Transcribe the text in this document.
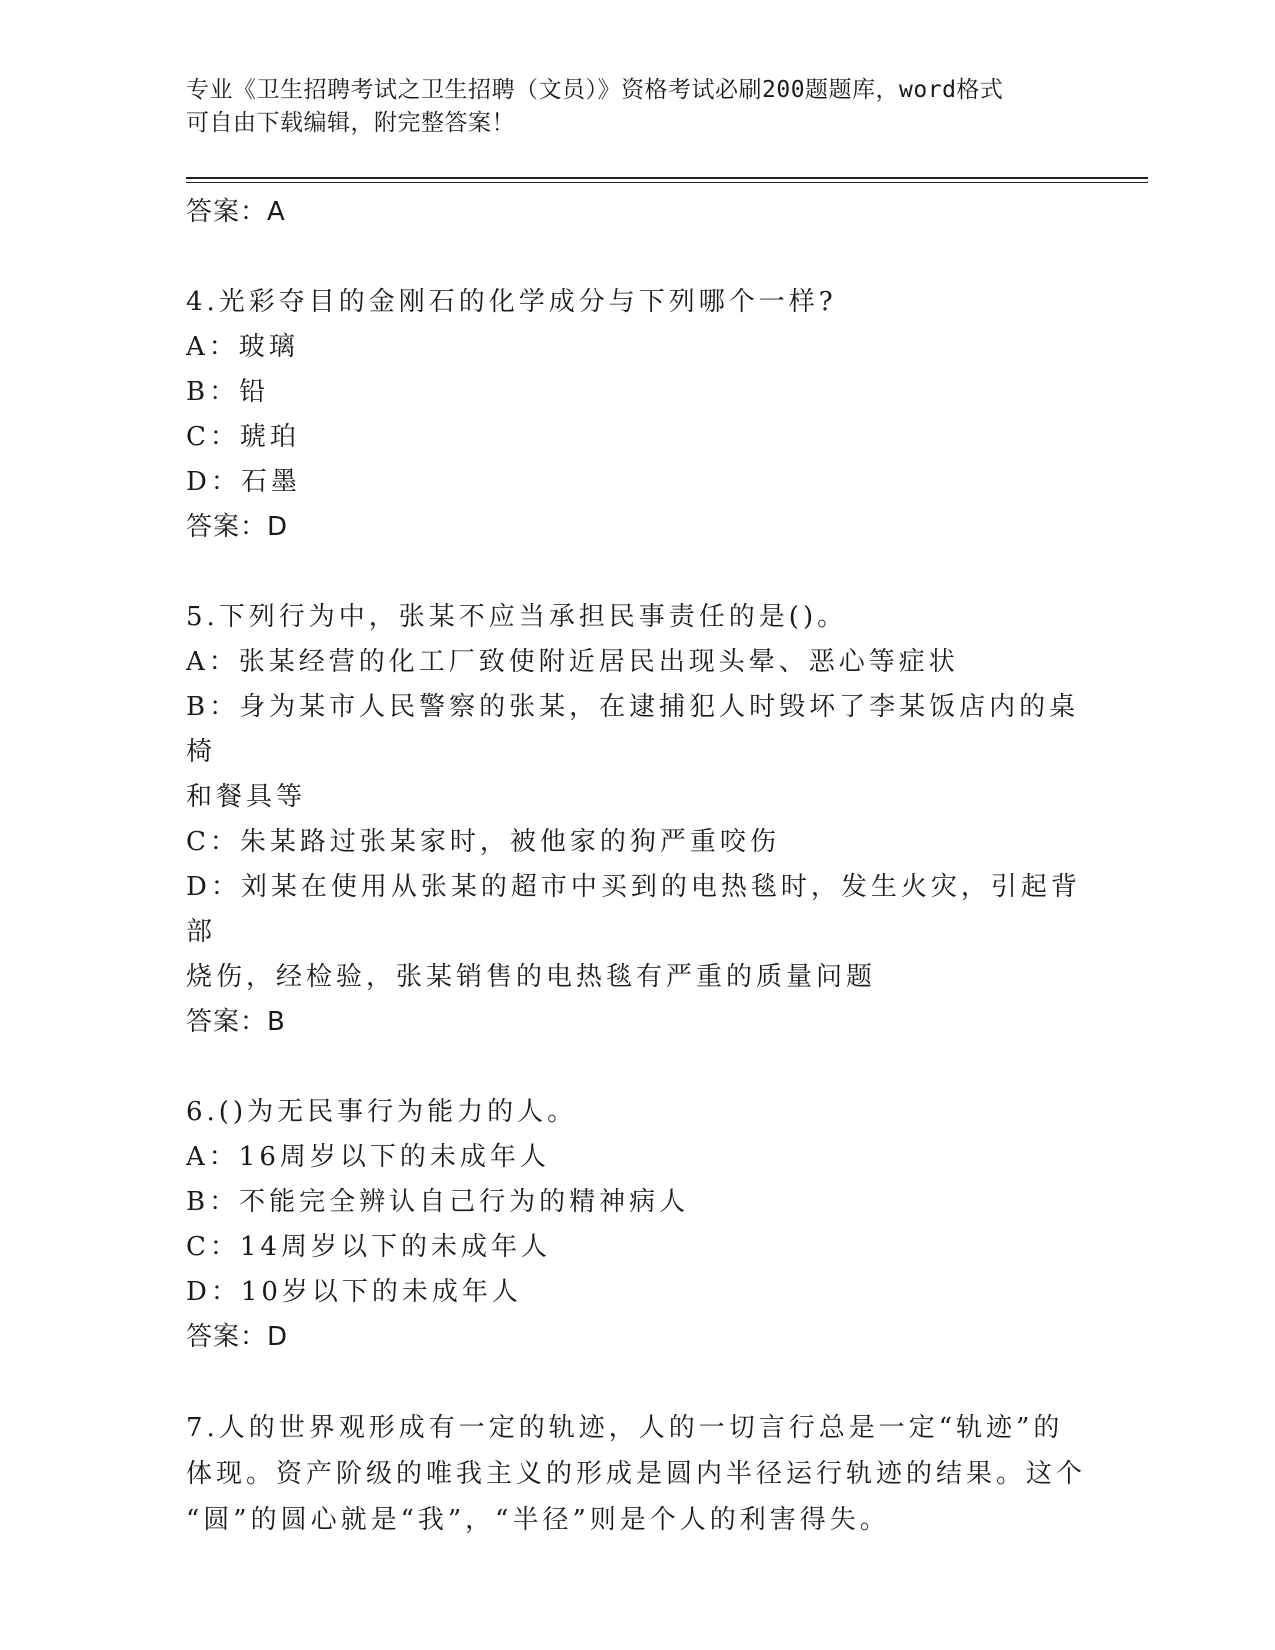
专业《卫生招聘考试之卫生招聘（文员）》资格考试必刷200题题库，word格式
可自由下载编辑，附完整答案！
答案：A
4.光彩夺目的金刚石的化学成分与下列哪个一样?
A：玻璃
B：铅
C：琥珀
D：石墨
答案：D
5.下列行为中，张某不应当承担民事责任的是()。
A：张某经营的化工厂致使附近居民出现头晕、恶心等症状
B：身为某市人民警察的张某，在逮捕犯人时毁坏了李某饭店内的桌椅
和餐具等
C：朱某路过张某家时，被他家的狗严重咬伤
D：刘某在使用从张某的超市中买到的电热毯时，发生火灾，引起背部
烧伤，经检验，张某销售的电热毯有严重的质量问题
答案：B
6.()为无民事行为能力的人。
A：16周岁以下的未成年人
B：不能完全辨认自己行为的精神病人
C：14周岁以下的未成年人
D：10岁以下的未成年人
答案：D
7.人的世界观形成有一定的轨迹，人的一切言行总是一定“轨迹”的
体现。资产阶级的唯我主义的形成是圆内半径运行轨迹的结果。这个
“圆”的圆心就是“我”，“半径”则是个人的利害得失。
